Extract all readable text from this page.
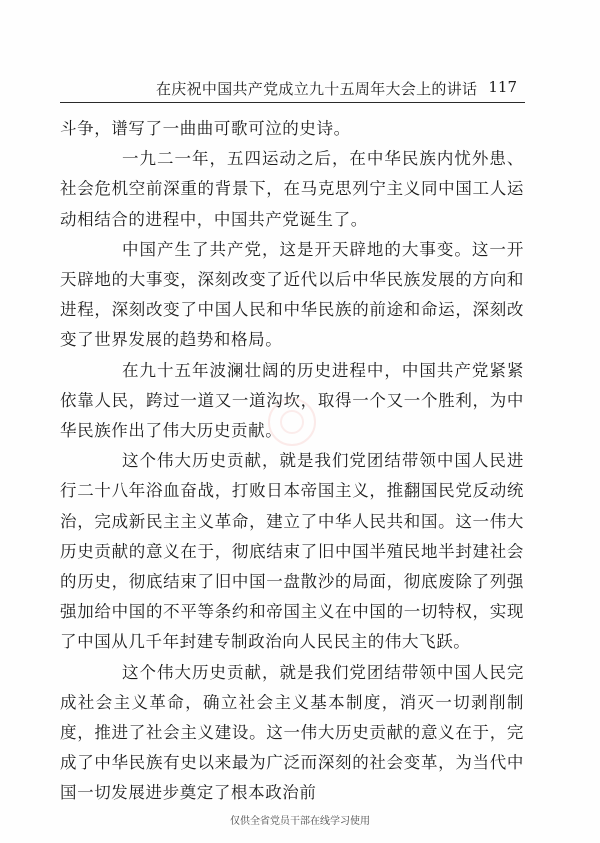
在庆祝中国共产党成立九十五周年大会上的讲话 117

斗争，谱写了一曲曲可歌可泣的史诗。

一九二一年，五四运动之后，在中华民族内忧外患、社会危机空前深重的背景下，在马克思列宁主义同中国工人运动相结合的进程中，中国共产党诞生了。

中国产生了共产党，这是开天辟地的大事变。这一开天辟地的大事变，深刻改变了近代以后中华民族发展的方向和进程，深刻改变了中国人民和中华民族的前途和命运，深刻改变了世界发展的趋势和格局。

在九十五年波澜壮阔的历史进程中，中国共产党紧紧依靠人民，跨过一道又一道沟坎，取得一个又一个胜利，为中华民族作出了伟大历史贡献。

这个伟大历史贡献，就是我们党团结带领中国人民进行二十八年浴血奋战，打败日本帝国主义，推翻国民党反动统治，完成新民主主义革命，建立了中华人民共和国。这一伟大历史贡献的意义在于，彻底结束了旧中国半殖民地半封建社会的历史，彻底结束了旧中国一盘散沙的局面，彻底废除了列强强加给中国的不平等条约和帝国主义在中国的一切特权，实现了中国从几千年封建专制政治向人民民主的伟大飞跃。

这个伟大历史贡献，就是我们党团结带领中国人民完成社会主义革命，确立社会主义基本制度，消灭一切剥削制度，推进了社会主义建设。这一伟大历史贡献的意义在于，完成了中华民族有史以来最为广泛而深刻的社会变革，为当代中国一切发展进步奠定了根本政治前

仅供全省党员干部在线学习使用
